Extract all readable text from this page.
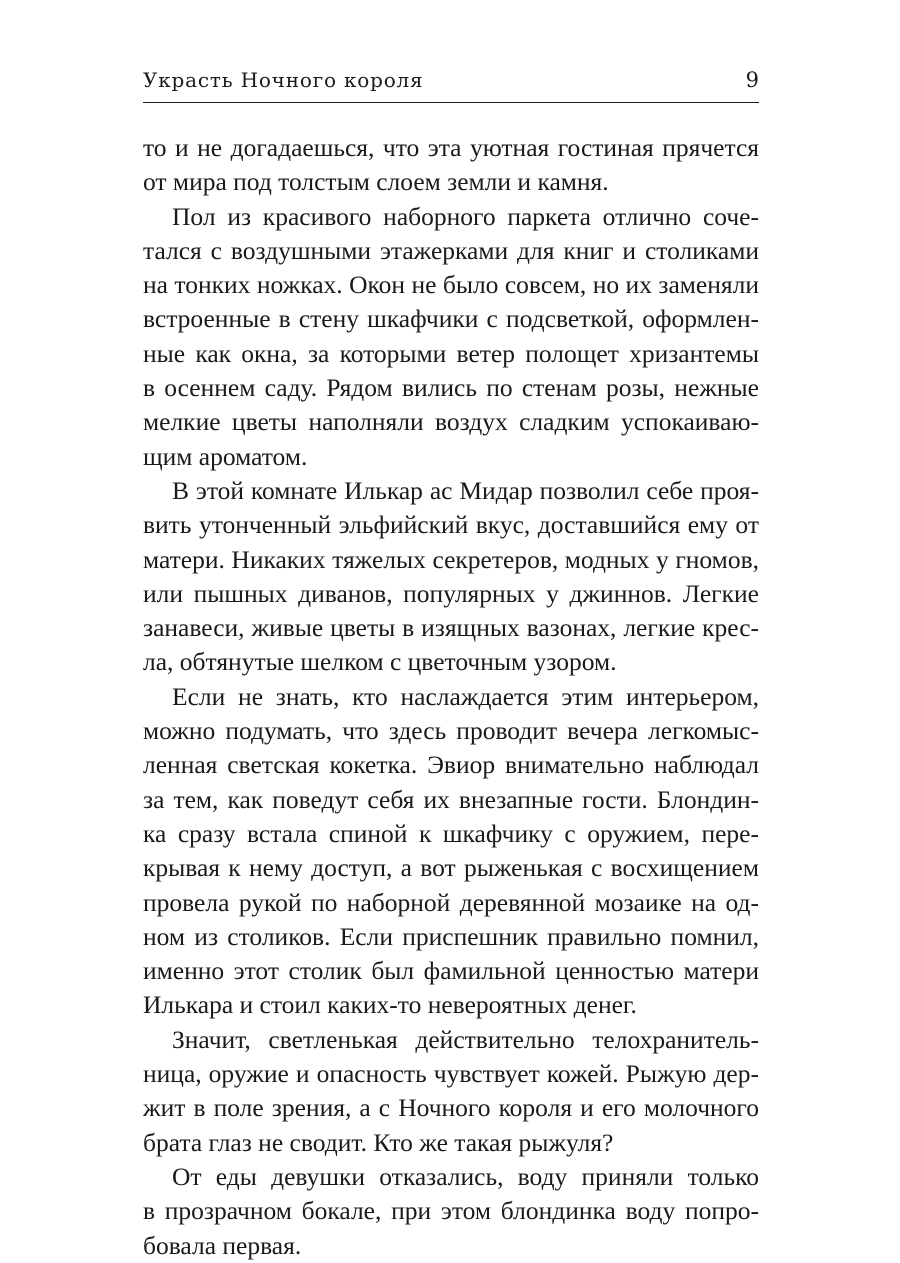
Украсть Ночного короля	9
то и не догадаешься, что эта уютная гостиная прячется
от мира под толстым слоем земли и камня.
Пол из красивого наборного паркета отлично соче-
тался с воздушными этажерками для книг и столиками
на тонких ножках. Окон не было совсем, но их заменяли
встроенные в стену шкафчики с подсветкой, оформлен-
ные как окна, за которыми ветер полощет хризантемы
в осеннем саду. Рядом вились по стенам розы, нежные
мелкие цветы наполняли воздух сладким успокаиваю-
щим ароматом.
В этой комнате Илькар ас Мидар позволил себе проя-
вить утонченный эльфийский вкус, доставшийся ему от
матери. Никаких тяжелых секретеров, модных у гномов,
или пышных диванов, популярных у джиннов. Легкие
занавеси, живые цветы в изящных вазонах, легкие крес-
ла, обтянутые шелком с цветочным узором.
Если не знать, кто наслаждается этим интерьером,
можно подумать, что здесь проводит вечера легкомыс-
ленная светская кокетка. Эвиор внимательно наблюдал
за тем, как поведут себя их внезапные гости. Блондин-
ка сразу встала спиной к шкафчику с оружием, пере-
крывая к нему доступ, а вот рыженькая с восхищением
провела рукой по наборной деревянной мозаике на од-
ном из столиков. Если приспешник правильно помнил,
именно этот столик был фамильной ценностью матери
Илькара и стоил каких-то невероятных денег.
Значит, светленькая действительно телохранитель-
ница, оружие и опасность чувствует кожей. Рыжую дер-
жит в поле зрения, а с Ночного короля и его молочного
брата глаз не сводит. Кто же такая рыжуля?
От еды девушки отказались, воду приняли только
в прозрачном бокале, при этом блондинка воду попро-
бовала первая.
